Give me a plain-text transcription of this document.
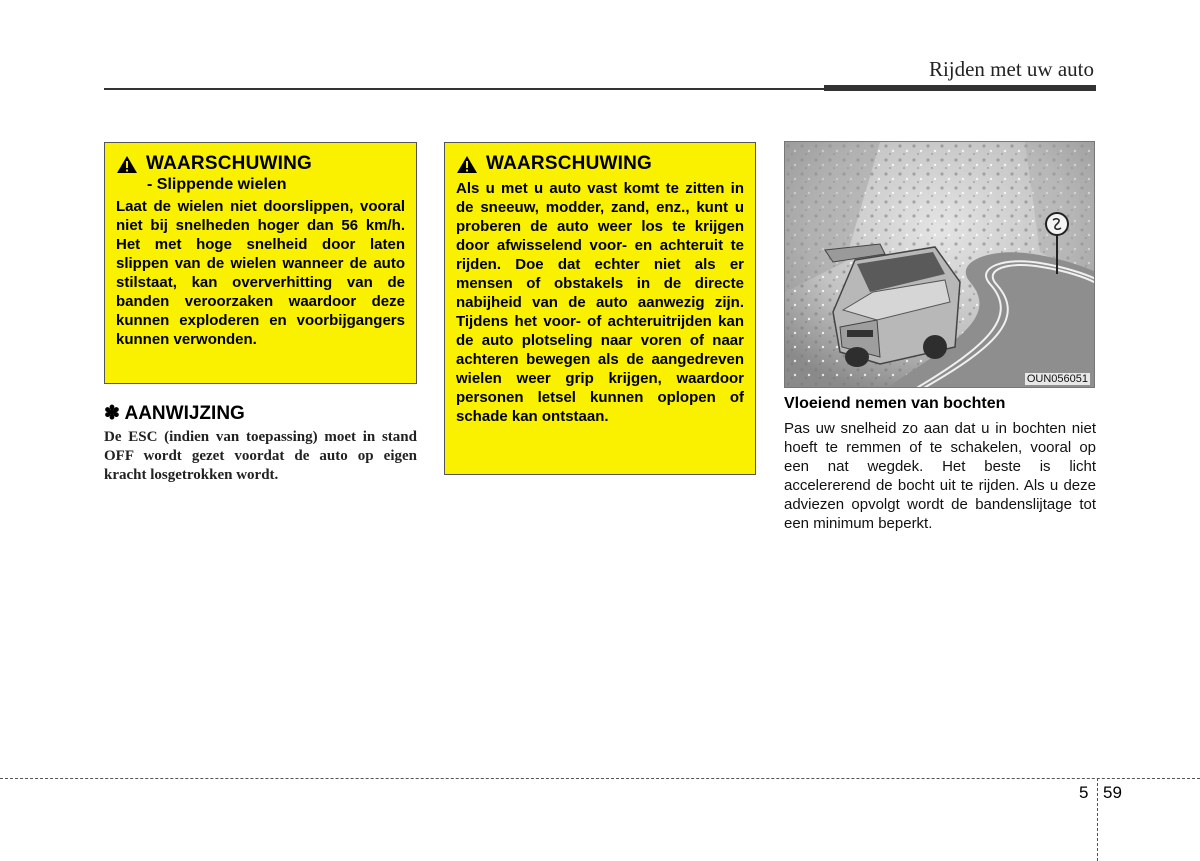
Rijden met uw auto
WAARSCHUWING
- Slippende wielen
Laat de wielen niet doorslippen, vooral niet bij snelheden hoger dan 56 km/h. Het met hoge snelheid door laten slippen van de wielen wanneer de auto stilstaat, kan oververhitting van de banden veroorzaken waardoor deze kunnen exploderen en voorbijgangers kunnen verwonden.
✽ AANWIJZING
De ESC (indien van toepassing) moet in stand OFF wordt gezet voordat de auto op eigen kracht losgetrokken wordt.
WAARSCHUWING
Als u met u auto vast komt te zitten in de sneeuw, modder, zand, enz., kunt u proberen de auto weer los te krijgen door afwisselend voor- en achteruit te rijden. Doe dat echter niet als er mensen of obstakels in de directe nabijheid van de auto aanwezig zijn. Tijdens het voor- of achteruitrijden kan de auto plotseling naar voren of naar achteren bewegen als de aangedreven wielen weer grip krijgen, waardoor personen letsel kunnen oplopen of schade kan ontstaan.
OUN056051
Vloeiend nemen van bochten
Pas uw snelheid zo aan dat u in bochten niet hoeft te remmen of te schakelen, vooral op een nat wegdek. Het beste is licht accelererend de bocht uit te rijden. Als u deze adviezen opvolgt wordt de bandenslijtage tot een minimum beperkt.
5 59
